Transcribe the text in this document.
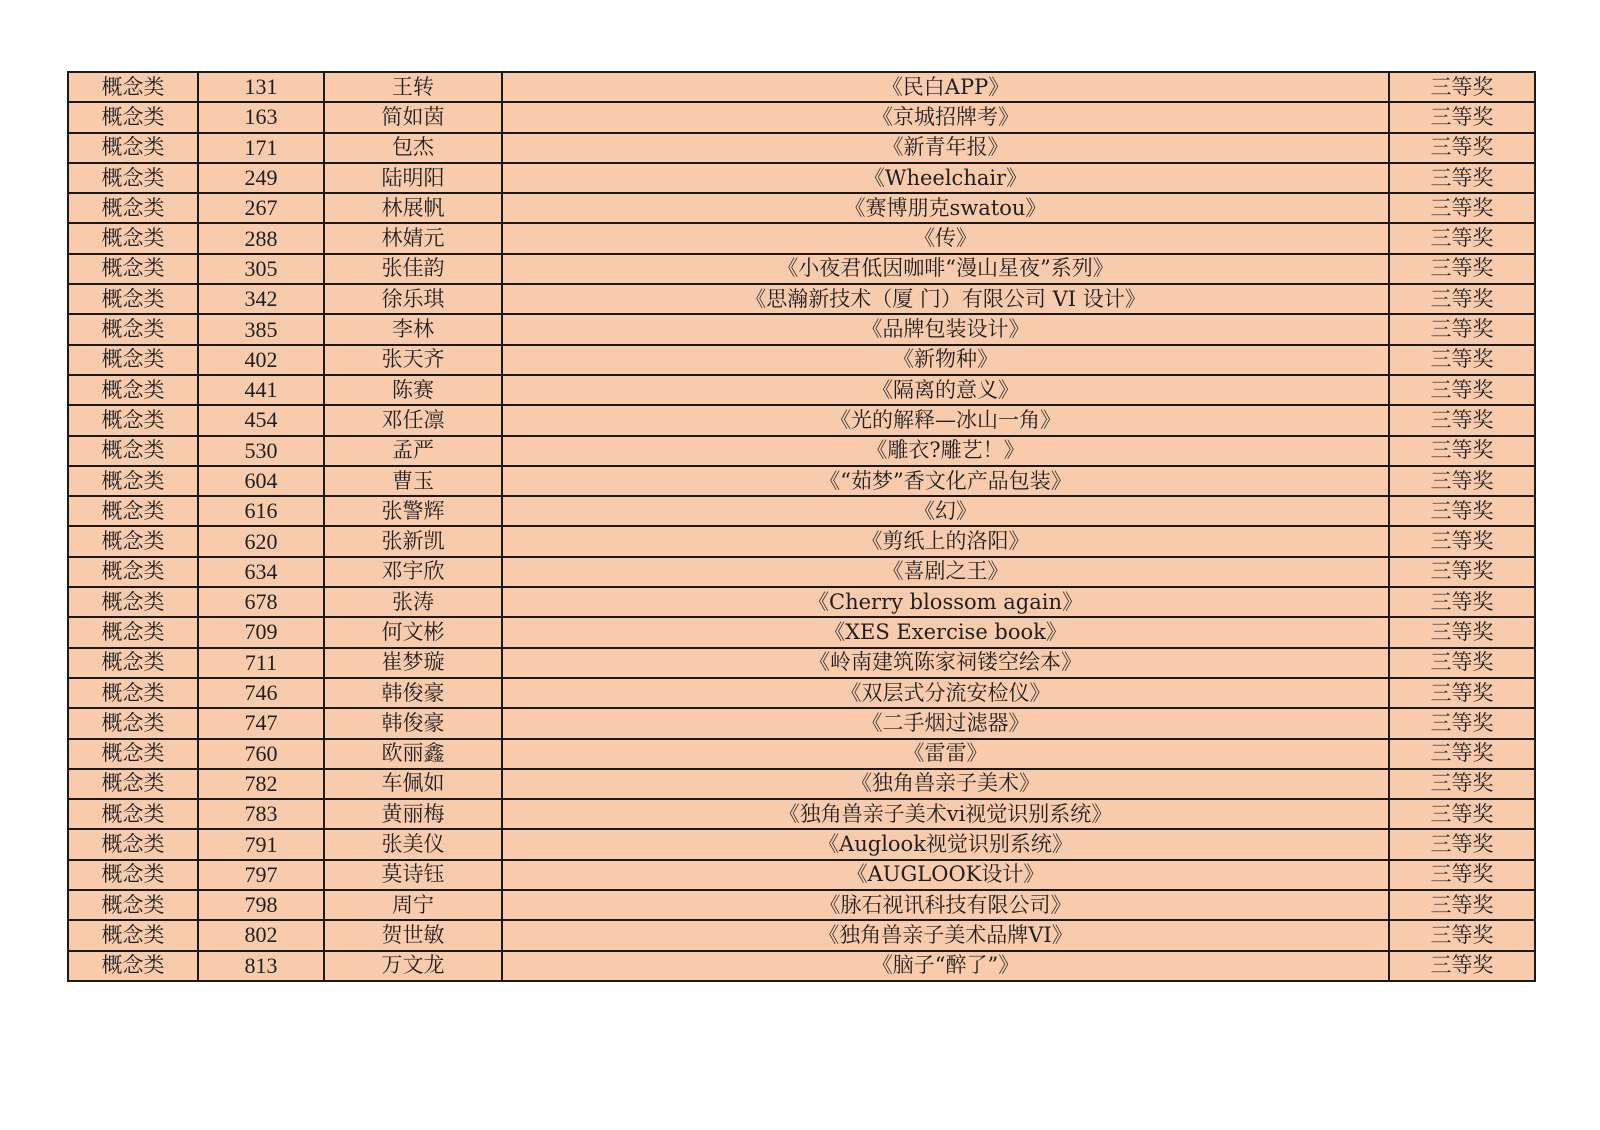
概念类	131	王转	《民白APP》	三等奖
概念类	163	简如茵	《京城招牌考》	三等奖
概念类	171	包杰	《新青年报》	三等奖
概念类	249	陆明阳	《Wheelchair》	三等奖
概念类	267	林展帆	《赛博朋克swatou》	三等奖
概念类	288	林婧元	《传》	三等奖
概念类	305	张佳韵	《小夜君低因咖啡“漫山星夜”系列》	三等奖
概念类	342	徐乐琪	《思瀚新技术（厦 门）有限公司 VI 设计》	三等奖
概念类	385	李林	《品牌包装设计》	三等奖
概念类	402	张天齐	《新物种》	三等奖
概念类	441	陈赛	《隔离的意义》	三等奖
概念类	454	邓任凛	《光的解释—冰山一角》	三等奖
概念类	530	孟严	《雕衣?雕艺！》	三等奖
概念类	604	曹玉	《“茹梦”香文化产品包装》	三等奖
概念类	616	张警辉	《幻》	三等奖
概念类	620	张新凯	《剪纸上的洛阳》	三等奖
概念类	634	邓宇欣	《喜剧之王》	三等奖
概念类	678	张涛	《Cherry blossom again》	三等奖
概念类	709	何文彬	《XES Exercise book》	三等奖
概念类	711	崔梦璇	《岭南建筑陈家祠镂空绘本》	三等奖
概念类	746	韩俊豪	《双层式分流安检仪》	三等奖
概念类	747	韩俊豪	《二手烟过滤器》	三等奖
概念类	760	欧丽鑫	《雷雷》	三等奖
概念类	782	车佩如	《独角兽亲子美术》	三等奖
概念类	783	黄丽梅	《独角兽亲子美术vi视觉识别系统》	三等奖
概念类	791	张美仪	《Auglook视觉识别系统》	三等奖
概念类	797	莫诗钰	《AUGLOOK设计》	三等奖
概念类	798	周宁	《脉石视讯科技有限公司》	三等奖
概念类	802	贺世敏	《独角兽亲子美术品牌VI》	三等奖
概念类	813	万文龙	《脑子“醉了”》	三等奖
